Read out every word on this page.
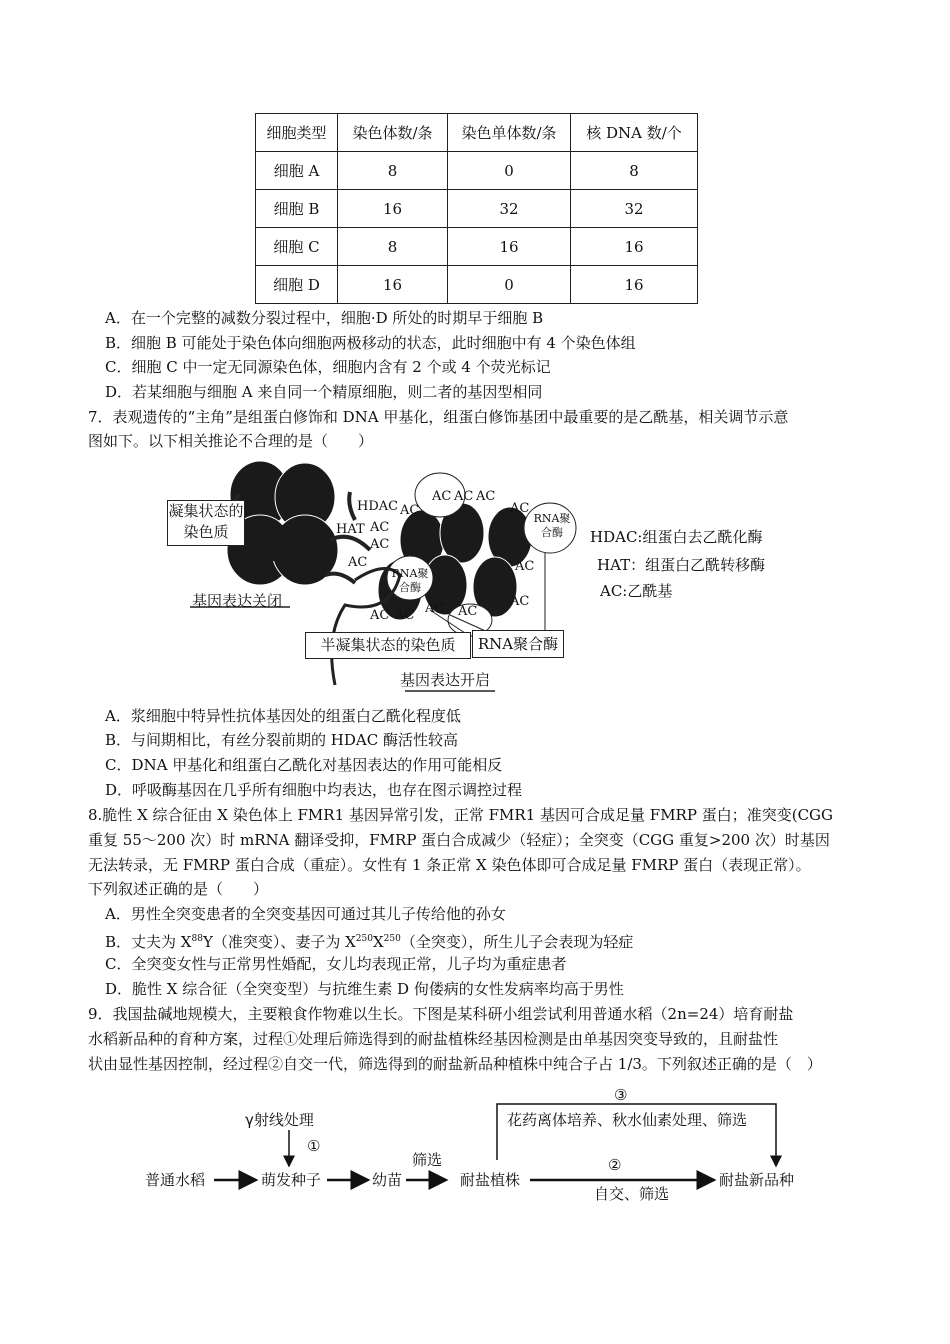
细胞类型	染色体数/条	染色单体数/条	核 DNA 数/个
细胞 A	8	0	8
细胞 B	16	32	32
细胞 C	8	16	16
细胞 D	16	0	16
A．在一个完整的减数分裂过程中，细胞·D 所处的时期早于细胞 B
B．细胞 B 可能处于染色体向细胞两极移动的状态，此时细胞中有 4 个染色体组
C．细胞 C 中一定无同源染色体，细胞内含有 2 个或 4 个荧光标记
D．若某细胞与细胞 A 来自同一个精原细胞，则二者的基因型相同
7．表观遗传的“主角”是组蛋白修饰和 DNA 甲基化，组蛋白修饰基团中最重要的是乙酰基，相关调节示意
图如下。以下相关推论不合理的是（　　）
凝集状态的染色质
HDAC
HAT
AC AC AC
AC
AC
AC
AC
AC AC AC AC
AC
AC
AC
RNA聚合酶
RNA聚合酶
基因表达关闭
半凝集状态的染色质	RNA聚合酶
基因表达开启
HDAC:组蛋白去乙酰化酶
HAT：组蛋白乙酰转移酶
AC:乙酰基
A．浆细胞中特异性抗体基因处的组蛋白乙酰化程度低
B．与间期相比，有丝分裂前期的 HDAC 酶活性较高
C．DNA 甲基化和组蛋白乙酰化对基因表达的作用可能相反
D．呼吸酶基因在几乎所有细胞中均表达，也存在图示调控过程
8.脆性 X 综合征由 X 染色体上 FMR1 基因异常引发，正常 FMR1 基因可合成足量 FMRP 蛋白；准突变(CGG
重复 55～200 次）时 mRNA 翻译受抑，FMRP 蛋白合成减少（轻症）；全突变（CGG 重复>200 次）时基因
无法转录，无 FMRP 蛋白合成（重症）。女性有 1 条正常 X 染色体即可合成足量 FMRP 蛋白（表现正常）。
下列叙述正确的是（　　）
A．男性全突变患者的全突变基因可通过其儿子传给他的孙女
B．丈夫为 $X^{88}Y$（准突变）、妻子为 $X^{250}X^{250}$（全突变），所生儿子会表现为轻症
C．全突变女性与正常男性婚配，女儿均表现正常，儿子均为重症患者
D．脆性 X 综合征（全突变型）与抗维生素 D 佝偻病的女性发病率均高于男性
9．我国盐碱地规模大，主要粮食作物难以生长。下图是某科研小组尝试利用普通水稻（2n=24）培育耐盐
水稻新品种的育种方案，过程①处理后筛选得到的耐盐植株经基因检测是由单基因突变导致的，且耐盐性
状由显性基因控制，经过程②自交一代，筛选得到的耐盐新品种植株中纯合子占 1/3。下列叙述正确的是（　）
普通水稻	萌发种子	幼苗
筛选
耐盐植株	耐盐新品种
γ射线处理
①
②
自交、筛选
③
花药离体培养、秋水仙素处理、筛选
